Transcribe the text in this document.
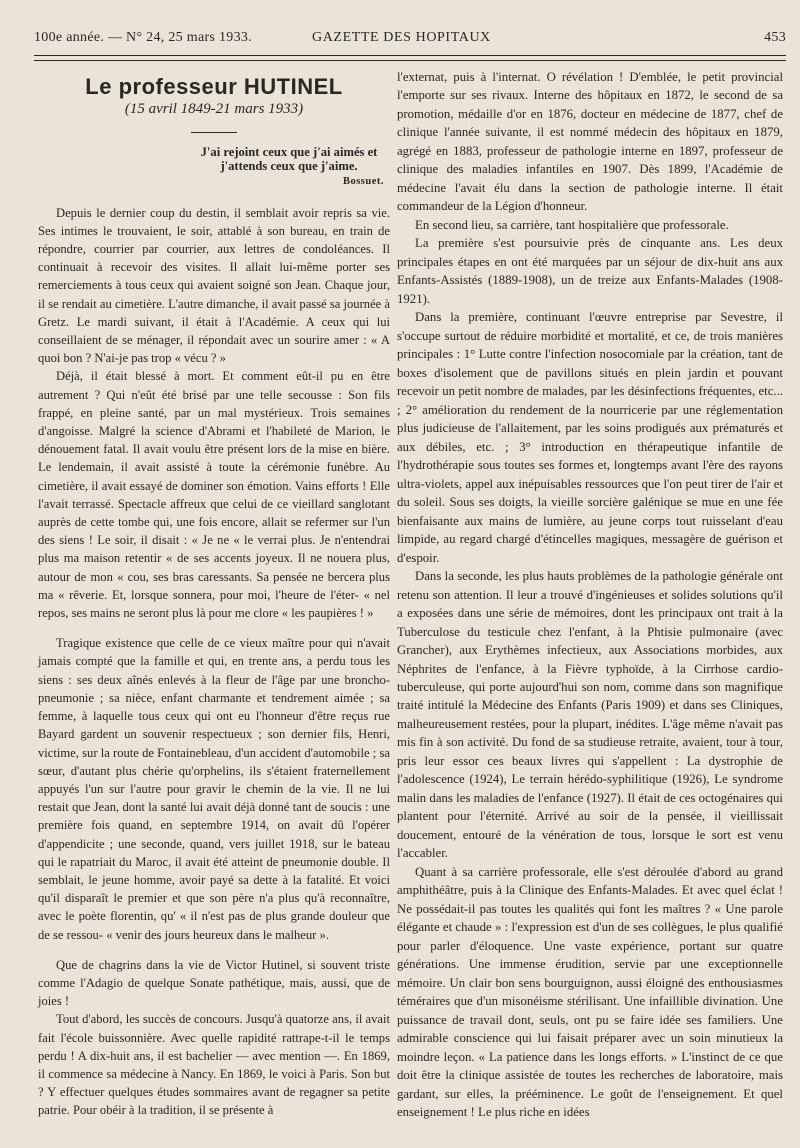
100e année. — N° 24, 25 mars 1933.	GAZETTE DES HOPITAUX	453
Le professeur HUTINEL
(15 avril 1849-21 mars 1933)
J'ai rejoint ceux que j'ai aimés et j'attends ceux que j'aime.
Bossuet.

Depuis le dernier coup du destin, il semblait avoir repris sa vie. Ses intimes le trouvaient, le soir, attablé à son bureau, en train de répondre, courrier par courrier, aux lettres de condoléances. Il continuait à recevoir des visites. Il allait lui-même porter ses remerciements à tous ceux qui avaient soigné son Jean. Chaque jour, il se rendait au cimetière. L'autre dimanche, il avait passé sa journée à Gretz. Le mardi suivant, il était à l'Académie. A ceux qui lui conseillaient de se ménager, il répondait avec un sourire amer : « A quoi bon ? N'ai-je pas trop « vécu ? »

Déjà, il était blessé à mort. Et comment eût-il pu en être autrement ? Qui n'eût été brisé par une telle secousse : Son fils frappé, en pleine santé, par un mal mystérieux. Trois semaines d'angoisse. Malgré la science d'Abrami et l'habileté de Marion, le dénouement fatal. Il avait voulu être présent lors de la mise en bière. Le lendemain, il avait assisté à toute la cérémonie funèbre. Au cimetière, il avait essayé de dominer son émotion. Vains efforts ! Elle l'avait terrassé. Spectacle affreux que celui de ce vieillard sanglotant auprès de cette tombe qui, une fois encore, allait se refermer sur l'un des siens ! Le soir, il disait : « Je ne « le verrai plus. Je n'entendrai plus ma maison retentir « de ses accents joyeux. Il ne nouera plus, autour de mon « cou, ses bras caressants. Sa pensée ne bercera plus ma « rêverie. Et, lorsque sonnera, pour moi, l'heure de l'éter- « nel repos, ses mains ne seront plus là pour me clore « les paupières ! »

Tragique existence que celle de ce vieux maître pour qui n'avait jamais compté que la famille et qui, en trente ans, a perdu tous les siens : ses deux aînés enlevés à la fleur de l'âge par une broncho-pneumonie ; sa nièce, enfant charmante et tendrement aimée ; sa femme, à laquelle tous ceux qui ont eu l'honneur d'être reçus rue Bayard gardent un souvenir respectueux ; son dernier fils, Henri, victime, sur la route de Fontainebleau, d'un accident d'automobile ; sa sœur, d'autant plus chérie qu'orphelins, ils s'étaient fraternellement appuyés l'un sur l'autre pour gravir le chemin de la vie. Il ne lui restait que Jean, dont la santé lui avait déjà donné tant de soucis : une première fois quand, en septembre 1914, on avait dû l'opérer d'appendicite ; une seconde, quand, vers juillet 1918, sur le bateau qui le rapatriait du Maroc, il avait été atteint de pneumonie double. Il semblait, le jeune homme, avoir payé sa dette à la fatalité. Et voici qu'il disparaît le premier et que son père n'a plus qu'à reconnaître, avec le poète florentin, qu' « il n'est pas de plus grande douleur que de se ressou- « venir des jours heureux dans le malheur ».

Que de chagrins dans la vie de Victor Hutinel, si souvent triste comme l'Adagio de quelque Sonate pathétique, mais, aussi, que de joies !

Tout d'abord, les succès de concours. Jusqu'à quatorze ans, il avait fait l'école buissonnière. Avec quelle rapidité rattrape-t-il le temps perdu ! A dix-huit ans, il est bachelier — avec mention —. En 1869, il commence sa médecine à Nancy. En 1869, le voici à Paris. Son but ? Y effectuer quelques études sommaires avant de regagner sa petite patrie. Pour obéir à la tradition, il se présente à

l'externat, puis à l'internat. O révélation ! D'emblée, le petit provincial l'emporte sur ses rivaux. Interne des hôpitaux en 1872, le second de sa promotion, médaille d'or en 1876, docteur en médecine de 1877, chef de clinique l'année suivante, il est nommé médecin des hôpitaux en 1879, agrégé en 1883, professeur de pathologie interne en 1897, professeur de clinique des maladies infantiles en 1907. Dès 1899, l'Académie de médecine l'avait élu dans la section de pathologie interne. Il était commandeur de la Légion d'honneur.

En second lieu, sa carrière, tant hospitalière que professorale.

La première s'est poursuivie près de cinquante ans. Les deux principales étapes en ont été marquées par un séjour de dix-huit ans aux Enfants-Assistés (1889-1908), un de treize aux Enfants-Malades (1908-1921).

Dans la première, continuant l'œuvre entreprise par Sevestre, il s'occupe surtout de réduire morbidité et mortalité, et ce, de trois manières principales : 1° Lutte contre l'infection nosocomiale par la création, tant de boxes d'isolement que de pavillons situés en plein jardin et pouvant recevoir un petit nombre de malades, par les désinfections fréquentes, etc... ; 2° amélioration du rendement de la nourricerie par une réglementation plus judicieuse de l'allaitement, par les soins prodigués aux prématurés et aux débiles, etc. ; 3° introduction en thérapeutique infantile de l'hydrothérapie sous toutes ses formes et, longtemps avant l'ère des rayons ultra-violets, appel aux inépuisables ressources que l'on peut tirer de l'air et du soleil. Sous ses doigts, la vieille sorcière galénique se mue en une fée bienfaisante aux mains de lumière, au jeune corps tout ruisselant d'eau limpide, au regard chargé d'étincelles magiques, messagère de guérison et d'espoir.

Dans la seconde, les plus hauts problèmes de la pathologie générale ont retenu son attention. Il leur a trouvé d'ingénieuses et solides solutions qu'il a exposées dans une série de mémoires, dont les principaux ont trait à la Tuberculose du testicule chez l'enfant, à la Phtisie pulmonaire (avec Grancher), aux Erythèmes infectieux, aux Associations morbides, aux Néphrites de l'enfance, à la Fièvre typhoïde, à la Cirrhose cardio-tuberculeuse, qui porte aujourd'hui son nom, comme dans son magnifique traité intitulé la Médecine des Enfants (Paris 1909) et dans ses Cliniques, malheureusement restées, pour la plupart, inédites. L'âge même n'avait pas mis fin à son activité. Du fond de sa studieuse retraite, avaient, tour à tour, pris leur essor ces beaux livres qui s'appellent : La dystrophie de l'adolescence (1924), Le terrain hérédo-syphilitique (1926), Le syndrome malin dans les maladies de l'enfance (1927). Il était de ces octogénaires qui plantent pour l'éternité. Arrivé au soir de la pensée, il vieillissait doucement, entouré de la vénération de tous, lorsque le sort est venu l'accabler.

Quant à sa carrière professorale, elle s'est déroulée d'abord au grand amphithéâtre, puis à la Clinique des Enfants-Malades. Et avec quel éclat ! Ne possédait-il pas toutes les qualités qui font les maîtres ? « Une parole élégante et chaude » : l'expression est d'un de ses collègues, le plus qualifié pour parler d'éloquence. Une vaste expérience, portant sur quatre générations. Une immense érudition, servie par une exceptionnelle mémoire. Un clair bon sens bourguignon, aussi éloigné des enthousiasmes téméraires que d'un misonéisme stérilisant. Une infaillible divination. Une puissance de travail dont, seuls, ont pu se faire idée ses familiers. Une admirable conscience qui lui faisait préparer avec un soin minutieux la moindre leçon. « La patience dans les longs efforts. » L'instinct de ce que doit être la clinique assistée de toutes les recherches de laboratoire, mais gardant, sur elles, la prééminence. Le goût de l'enseignement. Et quel enseignement ! Le plus riche en idées
